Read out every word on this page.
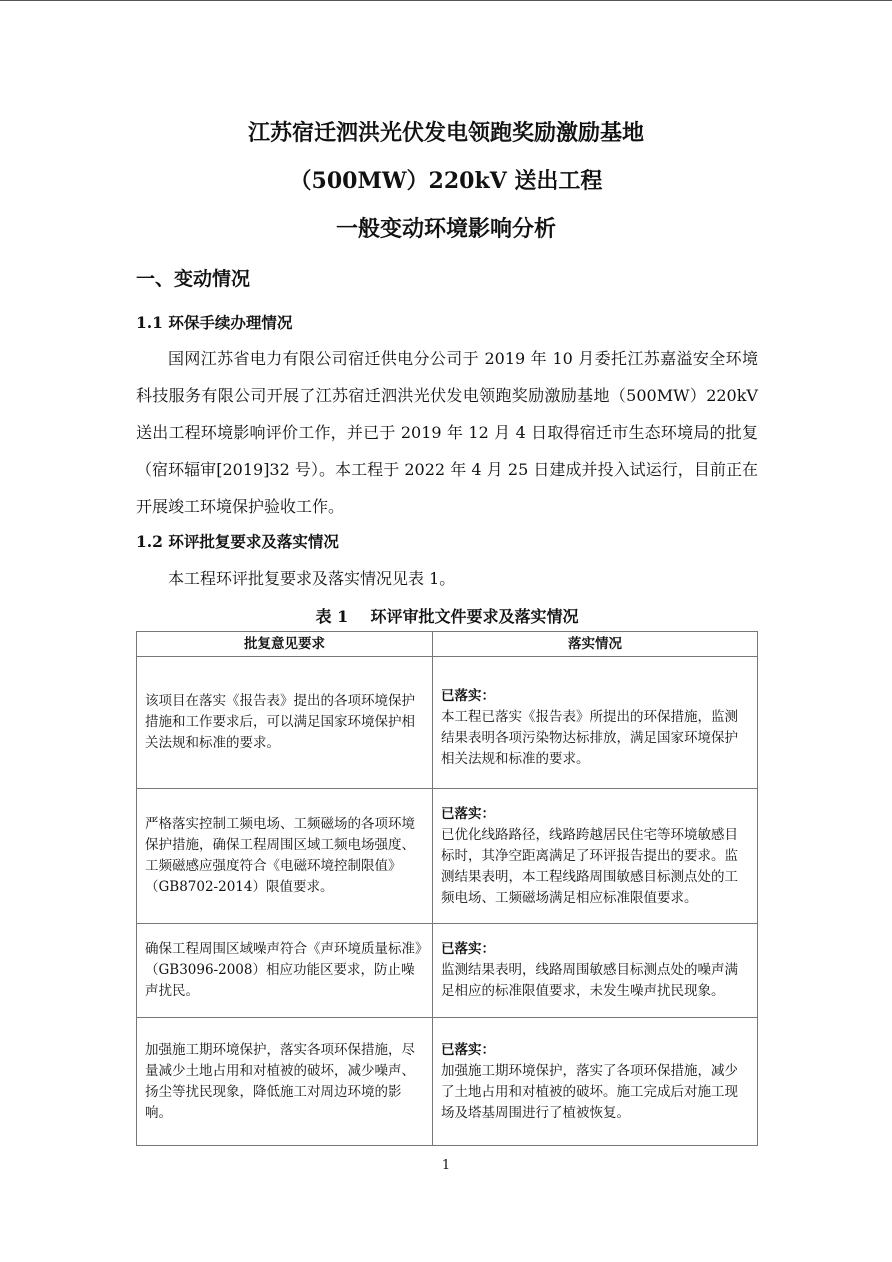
江苏宿迁泗洪光伏发电领跑奖励激励基地
（500MW）220kV 送出工程
一般变动环境影响分析
一、变动情况
1.1 环保手续办理情况
国网江苏省电力有限公司宿迁供电分公司于 2019 年 10 月委托江苏嘉溢安全环境科技服务有限公司开展了江苏宿迁泗洪光伏发电领跑奖励激励基地（500MW）220kV 送出工程环境影响评价工作，并已于 2019 年 12 月 4 日取得宿迁市生态环境局的批复（宿环辐审[2019]32 号）。本工程于 2022 年 4 月 25 日建成并投入试运行，目前正在开展竣工环境保护验收工作。
1.2 环评批复要求及落实情况
本工程环评批复要求及落实情况见表 1。
表 1    环评审批文件要求及落实情况
批复意见要求	落实情况
该项目在落实《报告表》提出的各项环境保护措施和工作要求后，可以满足国家环境保护相关法规和标准的要求。	已落实：
本工程已落实《报告表》所提出的环保措施，监测结果表明各项污染物达标排放，满足国家环境保护相关法规和标准的要求。

严格落实控制工频电场、工频磁场的各项环境保护措施，确保工程周围区域工频电场强度、工频磁感应强度符合《电磁环境控制限值》（GB8702-2014）限值要求。	已落实：
已优化线路路径，线路跨越居民住宅等环境敏感目标时，其净空距离满足了环评报告提出的要求。监测结果表明，本工程线路周围敏感目标测点处的工频电场、工频磁场满足相应标准限值要求。

确保工程周围区域噪声符合《声环境质量标准》（GB3096-2008）相应功能区要求，防止噪声扰民。	已落实：
监测结果表明，线路周围敏感目标测点处的噪声满足相应的标准限值要求，未发生噪声扰民现象。

加强施工期环境保护，落实各项环保措施，尽量减少土地占用和对植被的破坏，减少噪声、扬尘等扰民现象，降低施工对周边环境的影响。	已落实：
加强施工期环境保护，落实了各项环保措施，减少了土地占用和对植被的破坏。施工完成后对施工现场及塔基周围进行了植被恢复。
1
